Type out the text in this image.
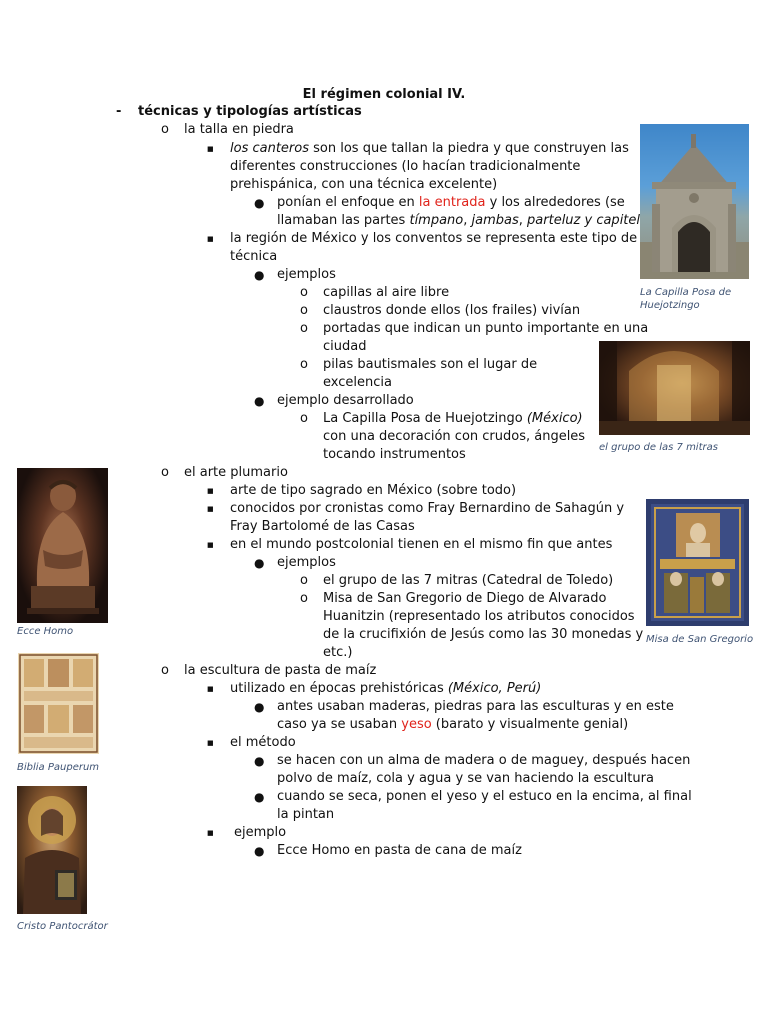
El régimen colonial IV.
- técnicas y tipologías artísticas
o la talla en piedra
■ los canteros son los que tallan la piedra y que construyen las
diferentes construcciones (lo hacían tradicionalmente
prehispánica, con una técnica excelente)
● ponían el enfoque en la entrada y los alrededores (se
llamaban las partes tímpano, jambas, parteluz y capitel
■ la región de México y los conventos se representa este tipo de
técnica
● ejemplos
o capillas al aire libre
o claustros donde ellos (los frailes) vivían
o portadas que indican un punto importante en una
ciudad
o pilas bautismales son el lugar de
excelencia
● ejemplo desarrollado
o La Capilla Posa de Huejotzingo (México)
con una decoración con crudos, ángeles
tocando instrumentos
o el arte plumario
■ arte de tipo sagrado en México (sobre todo)
■ conocidos por cronistas como Fray Bernardino de Sahagún y
Fray Bartolomé de las Casas
■ en el mundo postcolonial tienen en el mismo fin que antes
● ejemplos
o el grupo de las 7 mitras (Catedral de Toledo)
o Misa de San Gregorio de Diego de Alvarado
Huanitzin (representado los atributos conocidos
de la crucifixión de Jesús como las 30 monedas y
etc.)
o la escultura de pasta de maíz
■ utilizado en épocas prehistóricas (México, Perú)
● antes usaban maderas, piedras para las esculturas y en este
caso ya se usaban yeso (barato y visualmente genial)
■ el método
● se hacen con un alma de madera o de maguey, después hacen
polvo de maíz, cola y agua y se van haciendo la escultura
● cuando se seca, ponen el yeso y el estuco en la encima, al final
la pintan
■ ejemplo
● Ecce Homo en pasta de cana de maíz
La Capilla Posa de
Huejotzingo
el grupo de las 7 mitras
Ecce Homo
Misa de San Gregorio
Biblia Pauperum
Cristo Pantocrátor
